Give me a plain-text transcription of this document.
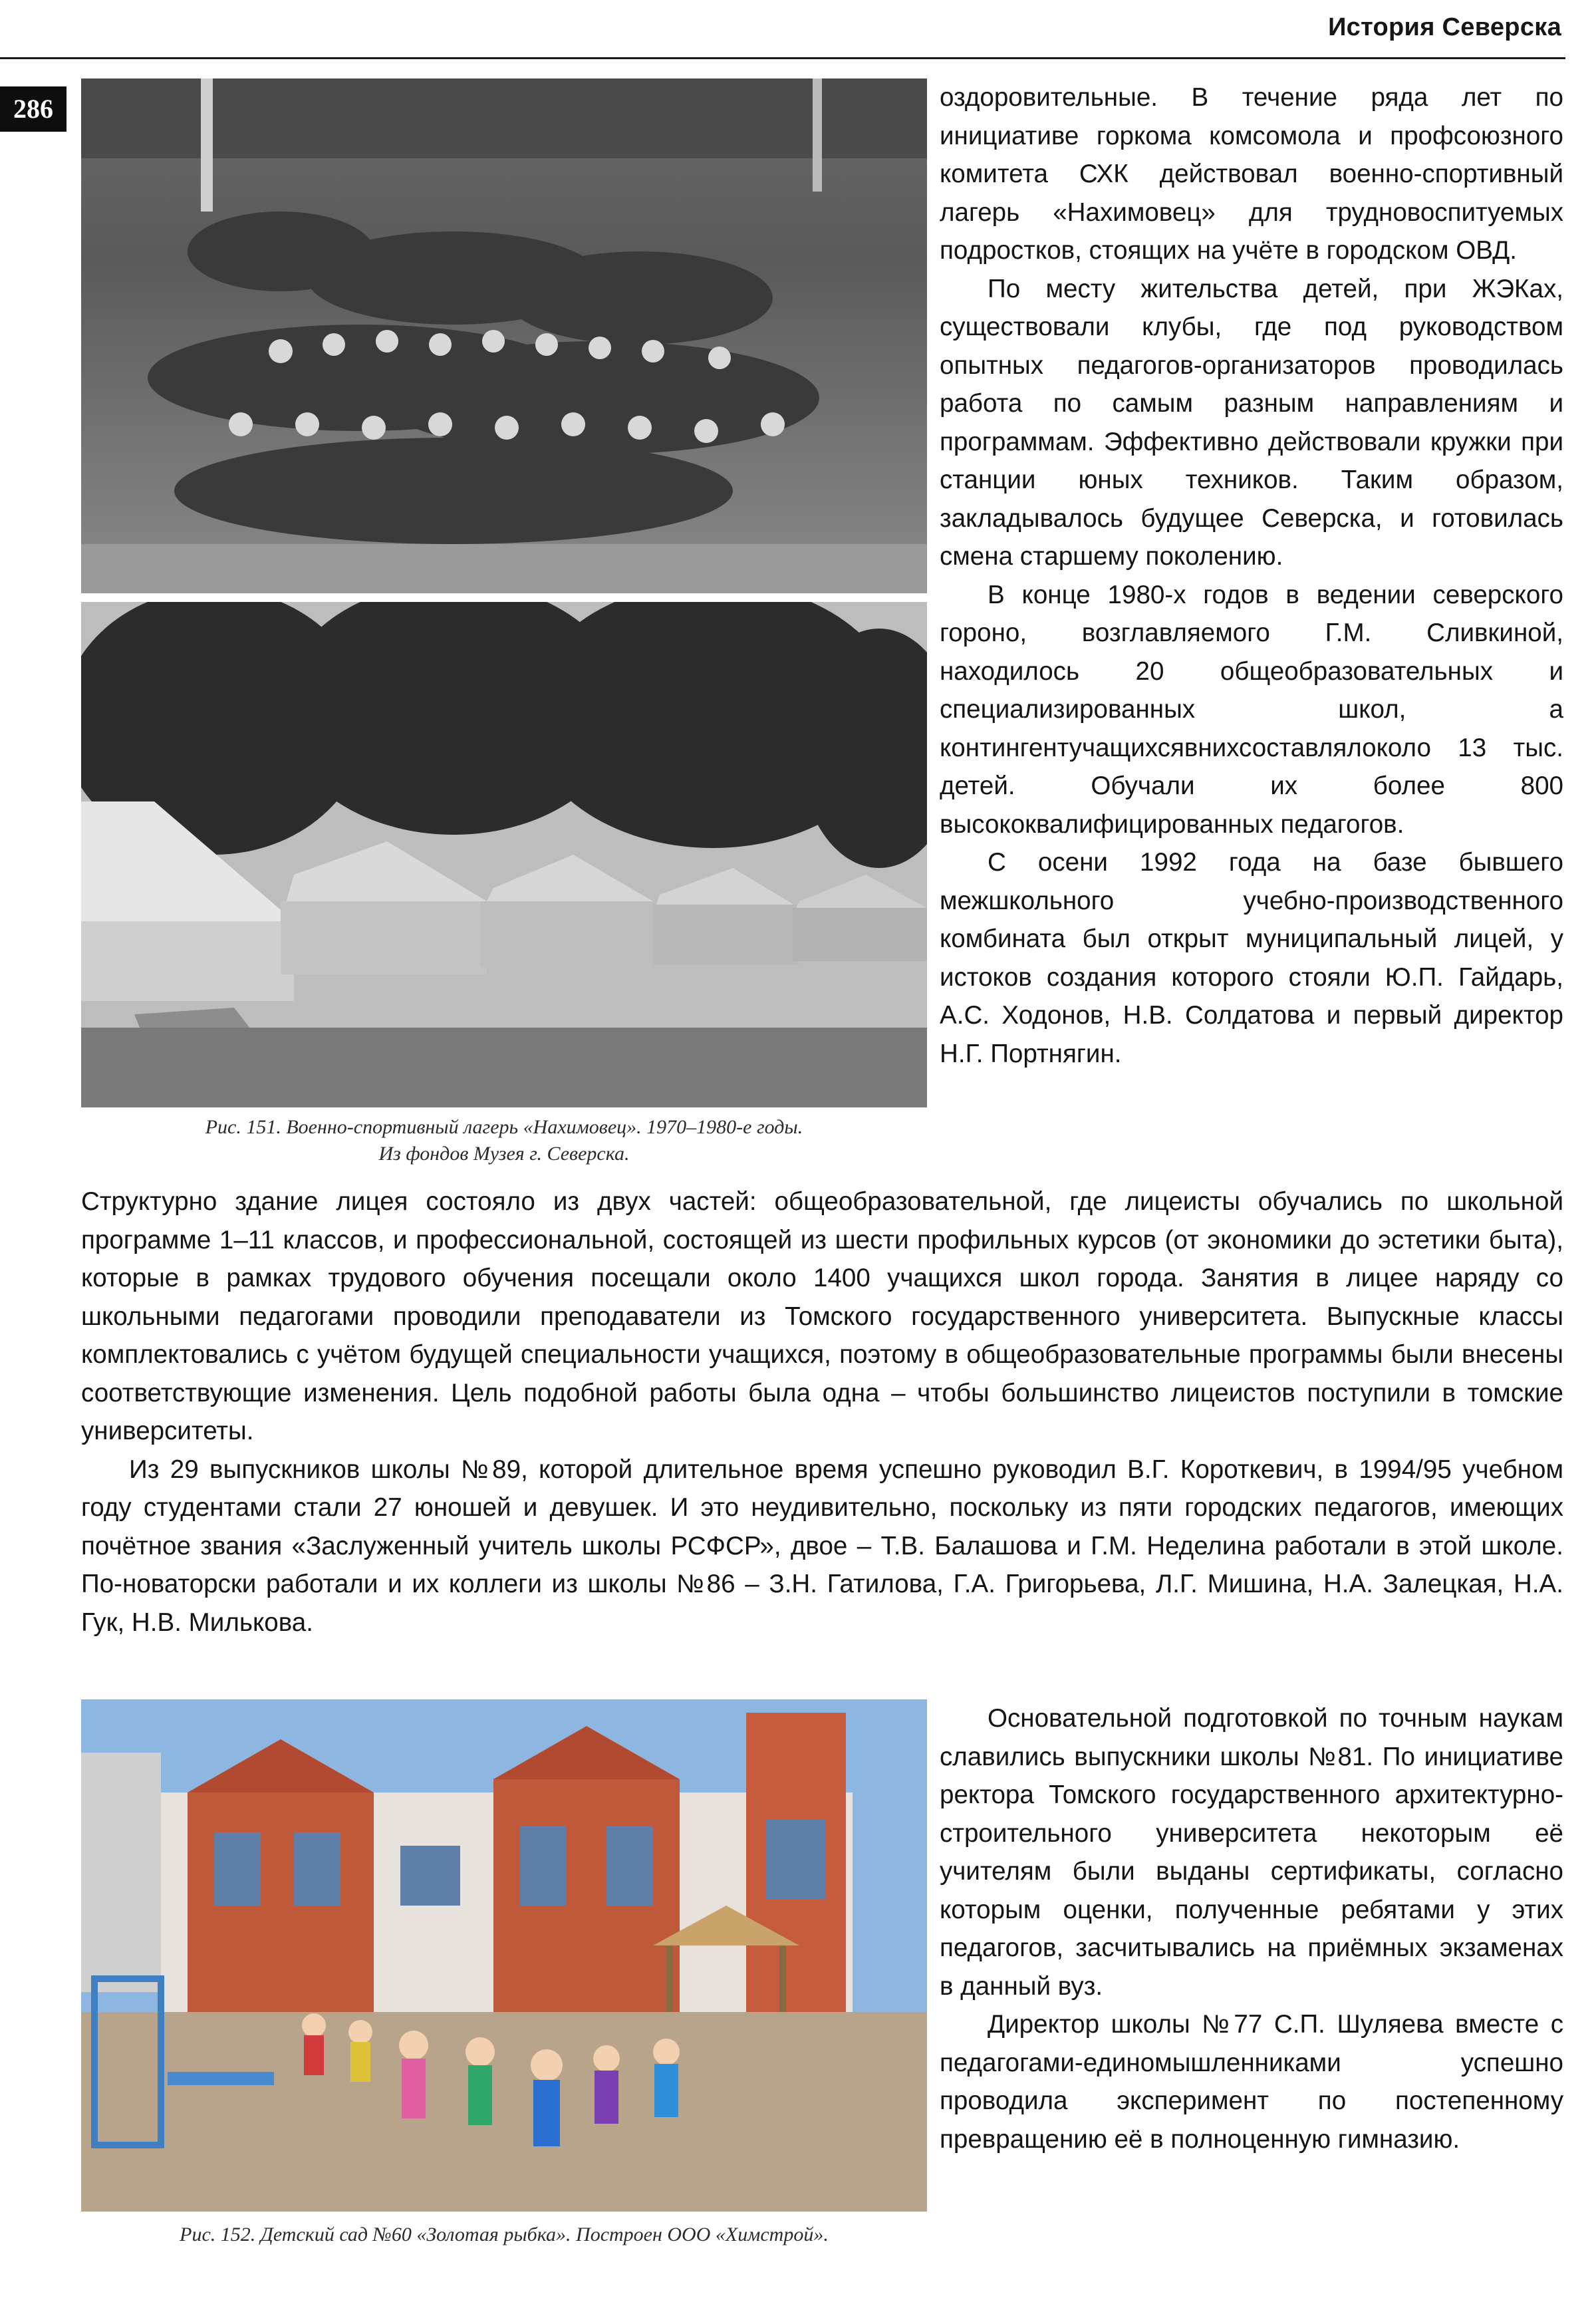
История Северска
286
Рис. 151. Военно-спортивный лагерь «Нахимовец». 1970–1980-е годы.
Из фондов Музея г. Северска.

оздоровительные. В течение ряда лет по инициативе горкома комсомола и профсоюзного комитета СХК действовал военно-спортивный лагерь «Нахимовец» для трудновоспитуемых подростков, стоящих на учёте в городском ОВД.

По месту жительства детей, при ЖЭКах, существовали клубы, где под руководством опытных педагогов-организаторов проводилась работа по самым разным направлениям и программам. Эффективно действовали кружки при станции юных техников. Таким образом, закладывалось будущее Северска, и готовилась смена старшему поколению.

В конце 1980-х годов в ведении северского гороно, возглавляемого Г.М. Сливкиной, находилось 20 общеобразовательных и специализированных школ, а контингентучащихсявнихсоставлялоколо 13 тыс. детей. Обучали их более 800 высококвалифицированных педагогов.

С осени 1992 года на базе бывшего межшкольного учебно-производственного комбината был открыт муниципальный лицей, у истоков создания которого стояли Ю.П. Гайдарь, А.С. Ходонов, Н.В. Солдатова и первый директор Н.Г. Портнягин.

Структурно здание лицея состояло из двух частей: общеобразовательной, где лицеисты обучались по школьной программе 1–11 классов, и профессиональной, состоящей из шести профильных курсов (от экономики до эстетики быта), которые в рамках трудового обучения посещали около 1400 учащихся школ города. Занятия в лицее наряду со школьными педагогами проводили преподаватели из Томского государственного университета. Выпускные классы комплектовались с учётом будущей специальности учащихся, поэтому в общеобразовательные программы были внесены соответствующие изменения. Цель подобной работы была одна – чтобы большинство лицеистов поступили в томские университеты.

Из 29 выпускников школы №89, которой длительное время успешно руководил В.Г. Короткевич, в 1994/95 учебном году студентами стали 27 юношей и девушек. И это неудивительно, поскольку из пяти городских педагогов, имеющих почётное звания «Заслуженный учитель школы РСФСР», двое – Т.В. Балашова и Г.М. Неделина работали в этой школе. По-новаторски работали и их коллеги из школы №86 – З.Н. Гатилова, Г.А. Григорьева, Л.Г. Мишина, Н.А. Залецкая, Н.А. Гук, Н.В. Милькова.

Рис. 152. Детский сад №60 «Золотая рыбка». Построен ООО «Химстрой».

Основательной подготовкой по точным наукам славились выпускники школы №81. По инициативе ректора Томского государственного архитектурно-строительного университета некоторым её учителям были выданы сертификаты, согласно которым оценки, полученные ребятами у этих педагогов, засчитывались на приёмных экзаменах в данный вуз.

Директор школы №77 С.П. Шуляева вместе с педагогами-единомышленниками успешно проводила эксперимент по постепенному превращению её в полноценную гимназию.
